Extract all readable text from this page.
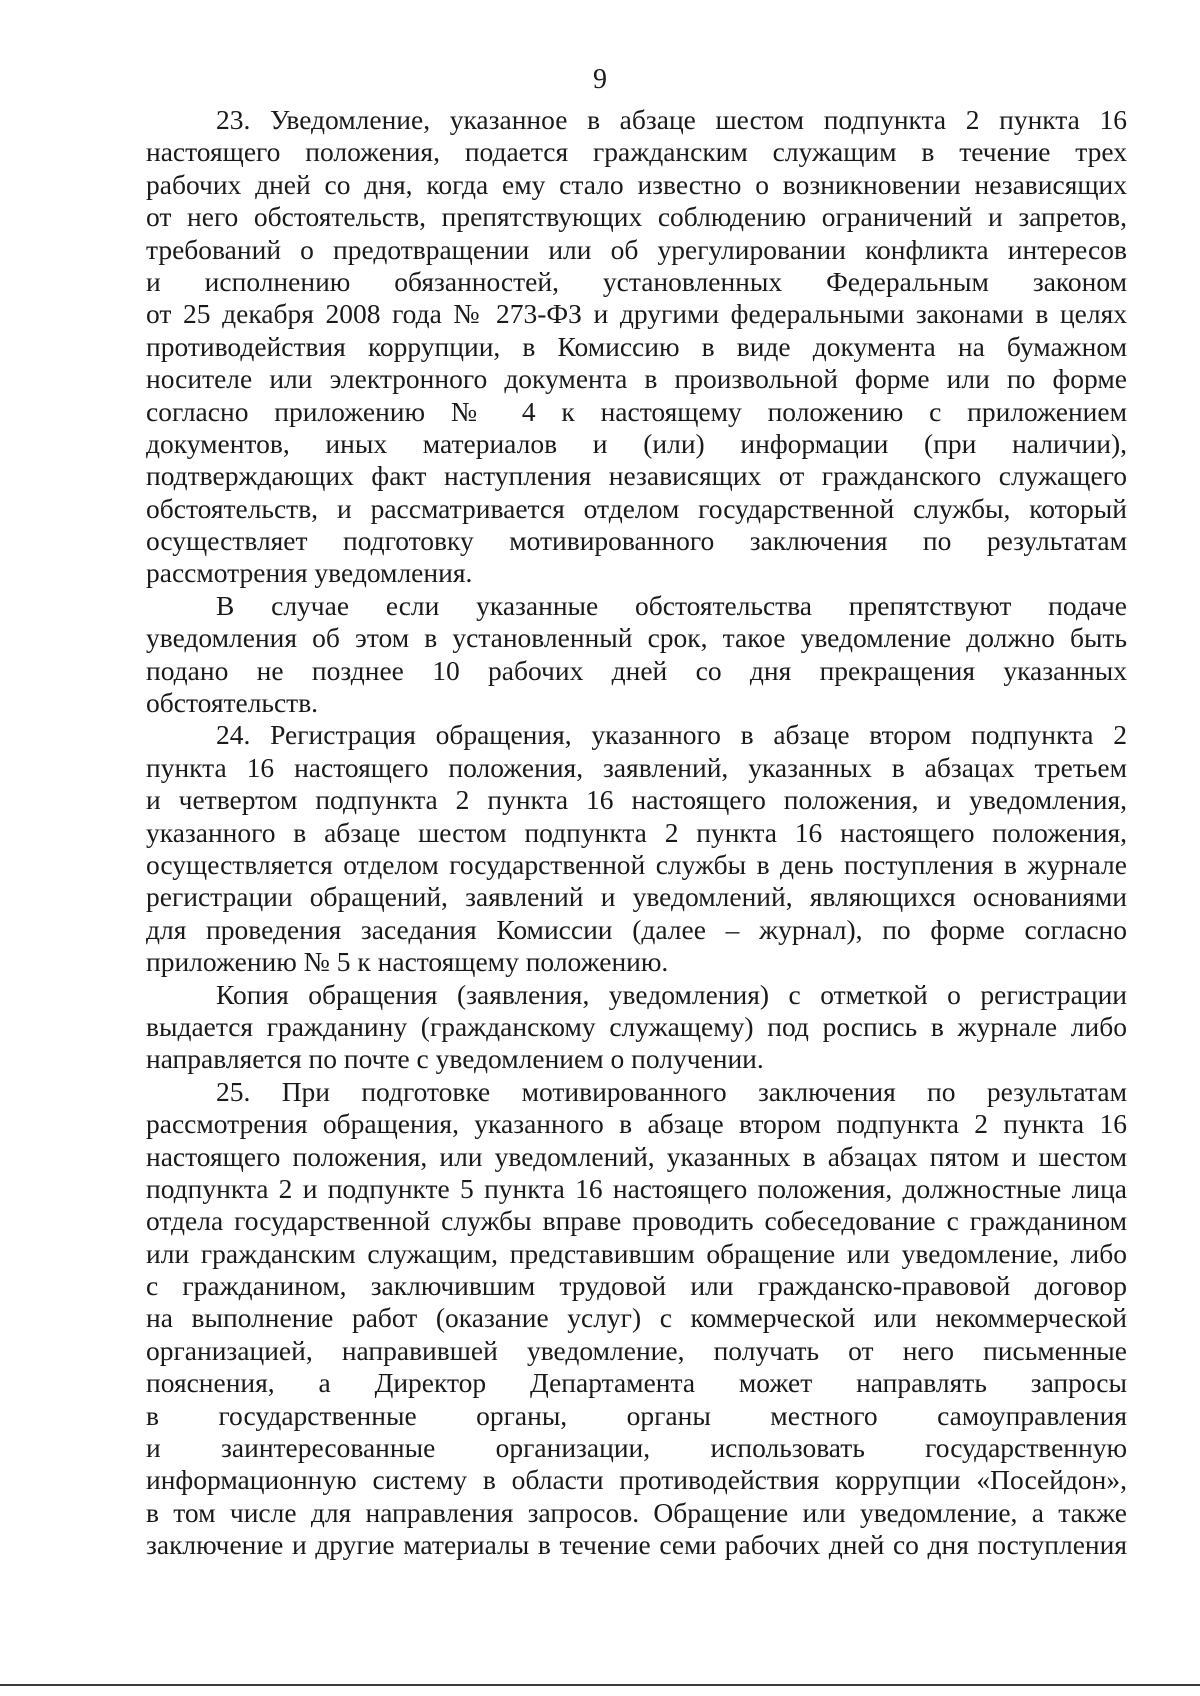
9
23. Уведомление, указанное в абзаце шестом подпункта 2 пункта 16
настоящего положения, подается гражданским служащим в течение трех
рабочих дней со дня, когда ему стало известно о возникновении независящих
от него обстоятельств, препятствующих соблюдению ограничений и запретов,
требований о предотвращении или об урегулировании конфликта интересов
и исполнению обязанностей, установленных Федеральным законом
от 25 декабря 2008 года № 273-ФЗ и другими федеральными законами в целях
противодействия коррупции, в Комиссию в виде документа на бумажном
носителе или электронного документа в произвольной форме или по форме
согласно приложению № 4 к настоящему положению с приложением
документов, иных материалов и (или) информации (при наличии),
подтверждающих факт наступления независящих от гражданского служащего
обстоятельств, и рассматривается отделом государственной службы, который
осуществляет подготовку мотивированного заключения по результатам
рассмотрения уведомления.
В случае если указанные обстоятельства препятствуют подаче
уведомления об этом в установленный срок, такое уведомление должно быть
подано не позднее 10 рабочих дней со дня прекращения указанных
обстоятельств.
24. Регистрация обращения, указанного в абзаце втором подпункта 2
пункта 16 настоящего положения, заявлений, указанных в абзацах третьем
и четвертом подпункта 2 пункта 16 настоящего положения, и уведомления,
указанного в абзаце шестом подпункта 2 пункта 16 настоящего положения,
осуществляется отделом государственной службы в день поступления в журнале
регистрации обращений, заявлений и уведомлений, являющихся основаниями
для проведения заседания Комиссии (далее – журнал), по форме согласно
приложению № 5 к настоящему положению.
Копия обращения (заявления, уведомления) с отметкой о регистрации
выдается гражданину (гражданскому служащему) под роспись в журнале либо
направляется по почте с уведомлением о получении.
25. При подготовке мотивированного заключения по результатам
рассмотрения обращения, указанного в абзаце втором подпункта 2 пункта 16
настоящего положения, или уведомлений, указанных в абзацах пятом и шестом
подпункта 2 и подпункте 5 пункта 16 настоящего положения, должностные лица
отдела государственной службы вправе проводить собеседование с гражданином
или гражданским служащим, представившим обращение или уведомление, либо
с гражданином, заключившим трудовой или гражданско-правовой договор
на выполнение работ (оказание услуг) с коммерческой или некоммерческой
организацией, направившей уведомление, получать от него письменные
пояснения, а Директор Департамента может направлять запросы
в государственные органы, органы местного самоуправления
и заинтересованные организации, использовать государственную
информационную систему в области противодействия коррупции «Посейдон»,
в том числе для направления запросов. Обращение или уведомление, а также
заключение и другие материалы в течение семи рабочих дней со дня поступления
